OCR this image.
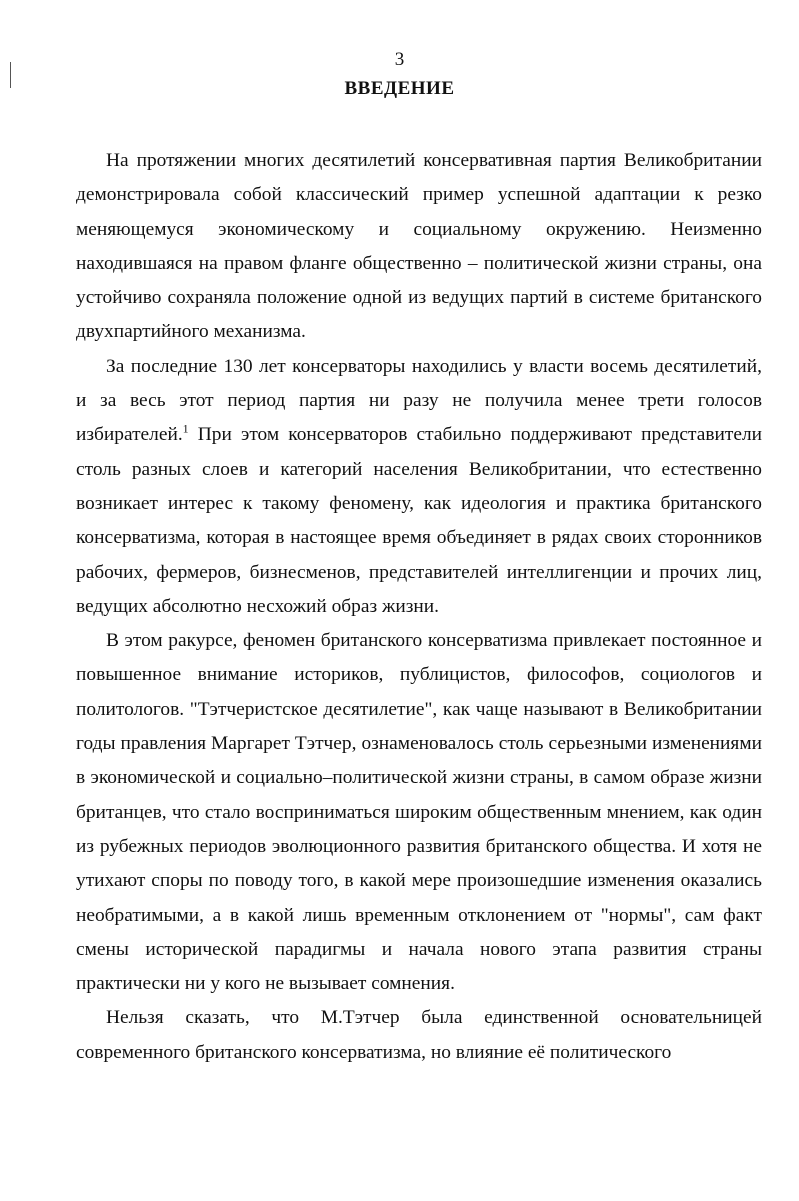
3
ВВЕДЕНИЕ

На протяжении многих десятилетий консервативная партия Великобритании демонстрировала собой классический пример успешной адаптации к резко меняющемуся экономическому и социальному окружению. Неизменно находившаяся на правом фланге общественно – политической жизни страны, она устойчиво сохраняла положение одной из ведущих партий в системе британского двухпартийного механизма.

За последние 130 лет консерваторы находились у власти восемь десятилетий, и за весь этот период партия ни разу не получила менее трети голосов избирателей.$^1$ При этом консерваторов стабильно поддерживают представители столь разных слоев и категорий населения Великобритании, что естественно возникает интерес к такому феномену, как идеология и практика британского консерватизма, которая в настоящее время объединяет в рядах своих сторонников рабочих, фермеров, бизнесменов, представителей интеллигенции и прочих лиц, ведущих абсолютно несхожий образ жизни.

В этом ракурсе, феномен британского консерватизма привлекает постоянное и повышенное внимание историков, публицистов, философов, социологов и политологов. "Тэтчеристское десятилетие", как чаще называют в Великобритании годы правления Маргарет Тэтчер, ознаменовалось столь серьезными изменениями в экономической и социально–политической жизни страны, в самом образе жизни британцев, что стало восприниматься широким общественным мнением, как один из рубежных периодов эволюционного развития британского общества. И хотя не утихают споры по поводу того, в какой мере произошедшие изменения оказались необратимыми, а в какой лишь временным отклонением от "нормы", сам факт смены исторической парадигмы и начала нового этапа развития страны практически ни у кого не вызывает сомнения.

Нельзя сказать, что М.Тэтчер была единственной основательницей современного британского консерватизма, но влияние её политического
